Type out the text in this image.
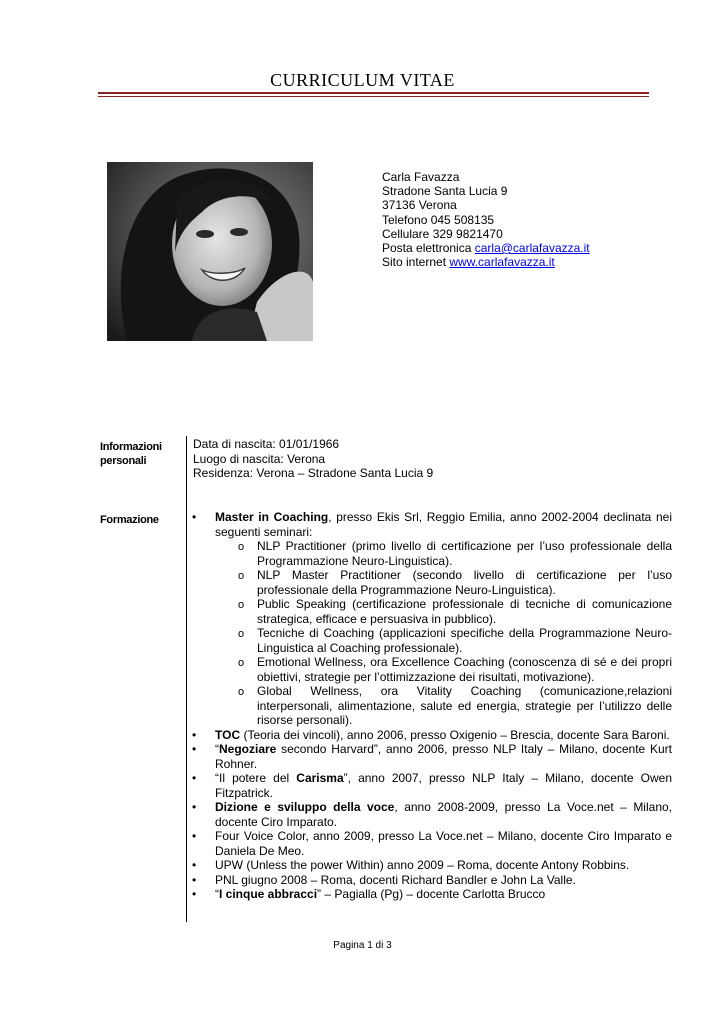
CURRICULUM VITAE
Carla Favazza
Stradone Santa Lucia 9
37136 Verona
Telefono 045 508135
Cellulare 329 9821470
Posta elettronica carla@carlafavazza.it
Sito internet www.carlafavazza.it
Informazioni personali
Data di nascita: 01/01/1966
Luogo di nascita: Verona
Residenza: Verona – Stradone Santa Lucia 9
Formazione	• Master in Coaching, presso Ekis Srl, Reggio Emilia, anno 2002-2004 declinata nei seguenti seminari:
o NLP Practitioner (primo livello di certificazione per l’uso professionale della Programmazione Neuro-Linguistica).
o NLP Master Practitioner (secondo livello di certificazione per l’uso professionale della Programmazione Neuro-Linguistica).
o Public Speaking (certificazione professionale di tecniche di comunicazione strategica, efficace e persuasiva in pubblico).
o Tecniche di Coaching (applicazioni specifiche della Programmazione Neuro-Linguistica al Coaching professionale).
o Emotional Wellness, ora Excellence Coaching (conoscenza di sé e dei propri obiettivi, strategie per l’ottimizzazione dei risultati, motivazione).
o Global Wellness, ora Vitality Coaching (comunicazione,relazioni interpersonali, alimentazione, salute ed energia, strategie per l’utilizzo delle risorse personali).
• TOC (Teoria dei vincoli), anno 2006, presso Oxigenio – Brescia, docente Sara Baroni.
• “Negoziare secondo Harvard”, anno 2006, presso NLP Italy – Milano, docente Kurt Rohner.
• “Il potere del Carisma”, anno 2007, presso NLP Italy – Milano, docente Owen Fitzpatrick.
• Dizione e sviluppo della voce, anno 2008-2009, presso La Voce.net – Milano, docente Ciro Imparato.
• Four Voice Color, anno 2009, presso La Voce.net – Milano, docente Ciro Imparato e Daniela De Meo.
• UPW (Unless the power Within) anno 2009 – Roma, docente Antony Robbins.
• PNL giugno 2008 – Roma, docenti Richard Bandler e John La Valle.
• “I cinque abbracci” – Pagialla (Pg) – docente Carlotta Brucco
Pagina 1 di 3
